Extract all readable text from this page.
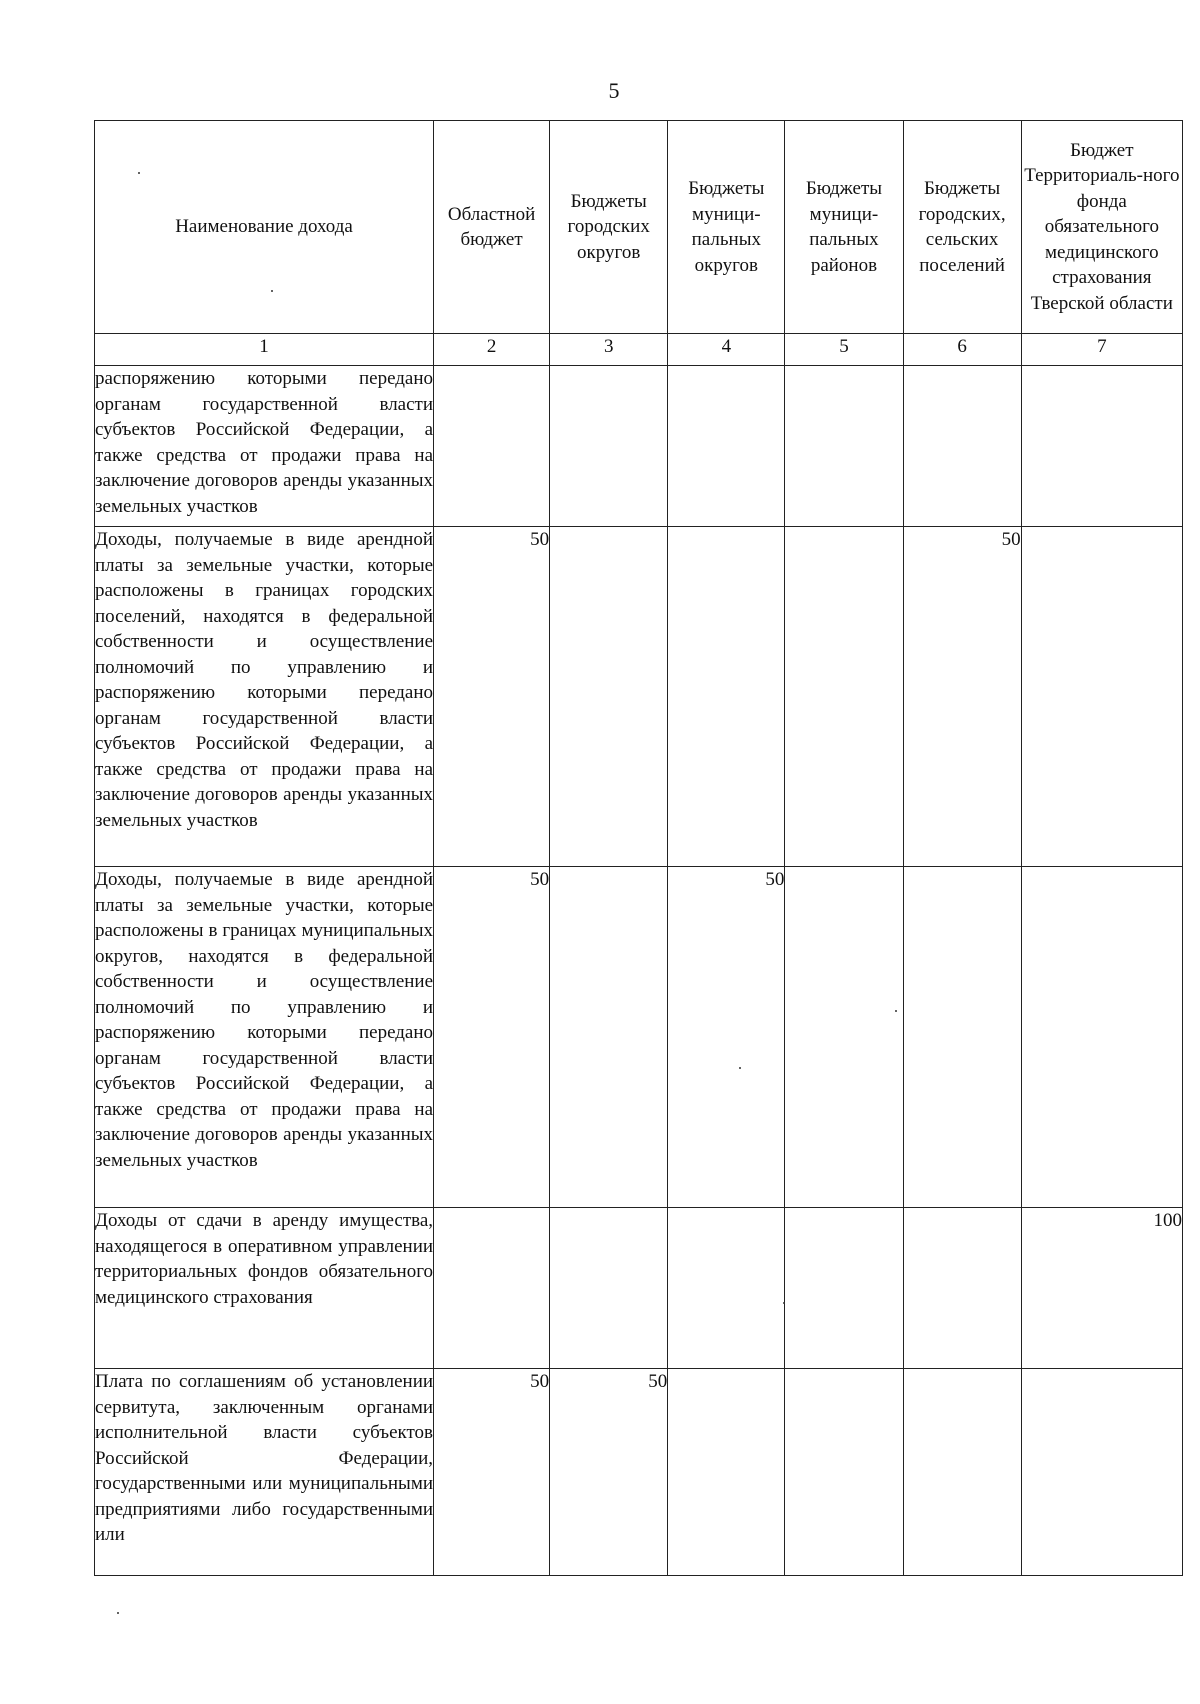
5
Наименование дохода	Областной бюджет	Бюджеты городских округов	Бюджеты муници-пальных округов	Бюджеты муници-пальных районов	Бюджеты городских, сельских поселений	Бюджет Территориаль-ного фонда обязательного медицинского страхования Тверской области
1	2	3	4	5	6	7
распоряжению которыми передано органам государственной власти субъектов Российской Федерации, а также средства от продажи права на заключение договоров аренды указанных земельных участков						
Доходы, получаемые в виде арендной платы за земельные участки, которые расположены в границах городских поселений, находятся в федеральной собственности и осуществление полномочий по управлению и распоряжению которыми передано органам государственной власти субъектов Российской Федерации, а также средства от продажи права на заключение договоров аренды указанных земельных участков	50				50	
Доходы, получаемые в виде арендной платы за земельные участки, которые расположены в границах муниципальных округов, находятся в федеральной собственности и осуществление полномочий по управлению и распоряжению которыми передано органам государственной власти субъектов Российской Федерации, а также средства от продажи права на заключение договоров аренды указанных земельных участков	50		50			
Доходы от сдачи в аренду имущества, находящегося в оперативном управлении территориальных фондов обязательного медицинского страхования						100
Плата по соглашениям об установлении сервитута, заключенным органами исполнительной власти субъектов Российской Федерации, государственными или муниципальными предприятиями либо государственными или	50	50				
